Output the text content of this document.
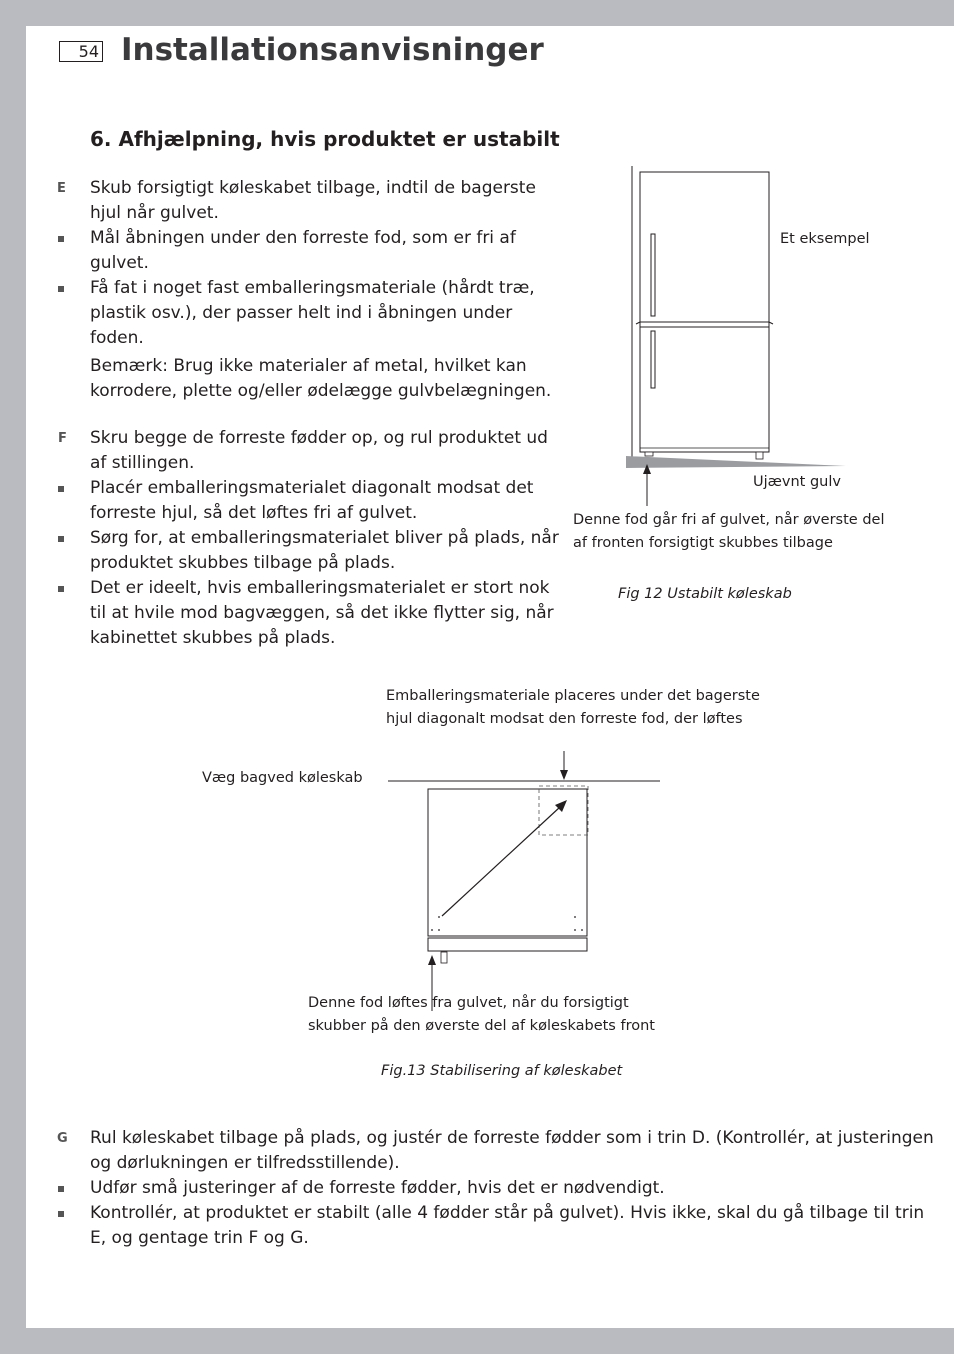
54 Installationsanvisninger
6. Afhjælpning, hvis produktet er ustabilt
E Skub forsigtigt køleskabet tilbage, indtil de bagerste
hjul når gulvet.
Mål åbningen under den forreste fod, som er fri af
gulvet.
Få fat i noget fast emballeringsmateriale (hårdt træ,
plastik osv.), der passer helt ind i åbningen under foden.
Bemærk: Brug ikke materialer af metal, hvilket kan
korrodere, plette og/eller ødelægge gulvbelægningen.
F Skru begge de forreste fødder op, og rul produktet ud
af stillingen.
Placér emballeringsmaterialet diagonalt modsat det
forreste hjul, så det løftes fri af gulvet.
Sørg for, at emballeringsmaterialet bliver på plads, når
produktet skubbes tilbage på plads.
Det er ideelt, hvis emballeringsmaterialet er stort nok
til at hvile mod bagvæggen, så det ikke flytter sig, når
kabinettet skubbes på plads.
Et eksempel
Ujævnt gulv
Denne fod går fri af gulvet, når øverste del
af fronten forsigtigt skubbes tilbage
Fig 12 Ustabilt køleskab
Emballeringsmateriale placeres under det bagerste
hjul diagonalt modsat den forreste fod, der løftes
Væg bagved køleskab
Denne fod løftes fra gulvet, når du forsigtigt
skubber på den øverste del af køleskabets front
Fig.13 Stabilisering af køleskabet
G Rul køleskabet tilbage på plads, og justér de forreste fødder som i trin D. (Kontrollér, at justeringen
og dørlukningen er tilfredsstillende).
Udfør små justeringer af de forreste fødder, hvis det er nødvendigt.
Kontrollér, at produktet er stabilt (alle 4 fødder står på gulvet). Hvis ikke, skal du gå tilbage til trin
E, og gentage trin F og G.
